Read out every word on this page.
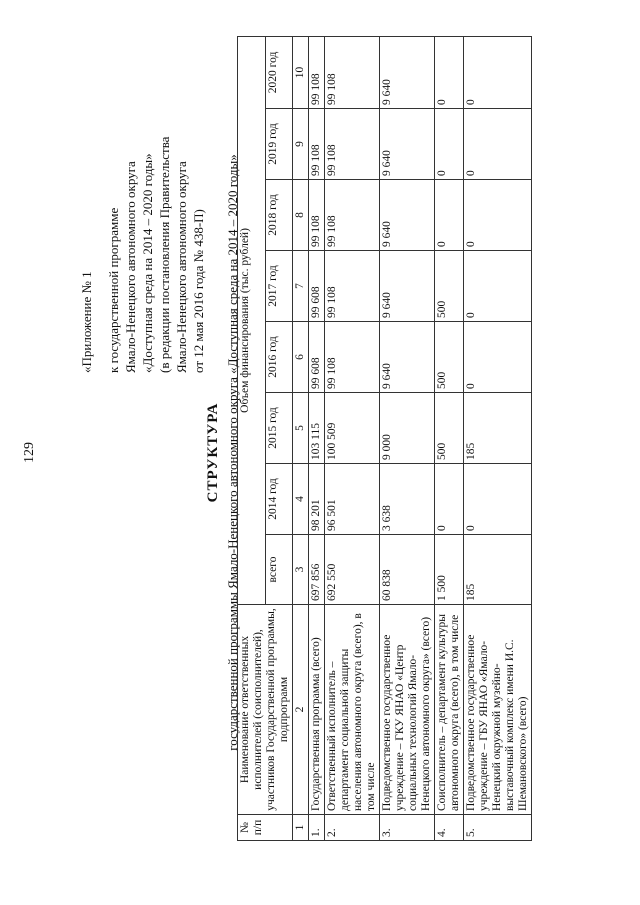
129
«Приложение № 1 к государственной программе Ямало-Ненецкого автономного округа «Доступная среда на 2014 – 2020 годы» (в редакции постановления Правительства Ямало-Ненецкого автономного округа от 12 мая 2016 года № 438-П)
СТРУКТУРА государственной программы Ямало-Ненецкого автономного округа «Доступная среда на 2014 – 2020 годы»
№ п/п	Наименование ответственных исполнителей (соисполнителей), участников Государственной программы, подпрограмм	Объем финансирования (тыс. рублей)							
		всего	2014 год	2015 год	2016 год	2017 год	2018 год	2019 год	2020 год
1	2	3	4	5	6	7	8	9	10
1.	Государственная программа (всего)	697 856	98 201	103 115	99 608	99 608	99 108	99 108	99 108

2.	Ответственный исполнитель – департамент социальной защиты населения автономного округа (всего), в том числе	692 550	96 501	100 509	99 108	99 108	99 108	99 108	99 108

3.	Подведомственное государственное учреждение – ГКУ ЯНАО «Центр социальных технологий Ямало-Ненецкого автономного округа» (всего)	60 838	3 638	9 000	9 640	9 640	9 640	9 640	9 640

4.	Соисполнитель – департамент культуры автономного округа (всего), в том числе	1 500	0	500	500	500	0	0	0

5.	Подведомственное государственное учреждение – ГБУ ЯНАО «Ямало-Ненецкий окружной музейно-выставочный комплекс имени И.С. Шемановского» (всего)	185	0	185	0	0	0	0	0
